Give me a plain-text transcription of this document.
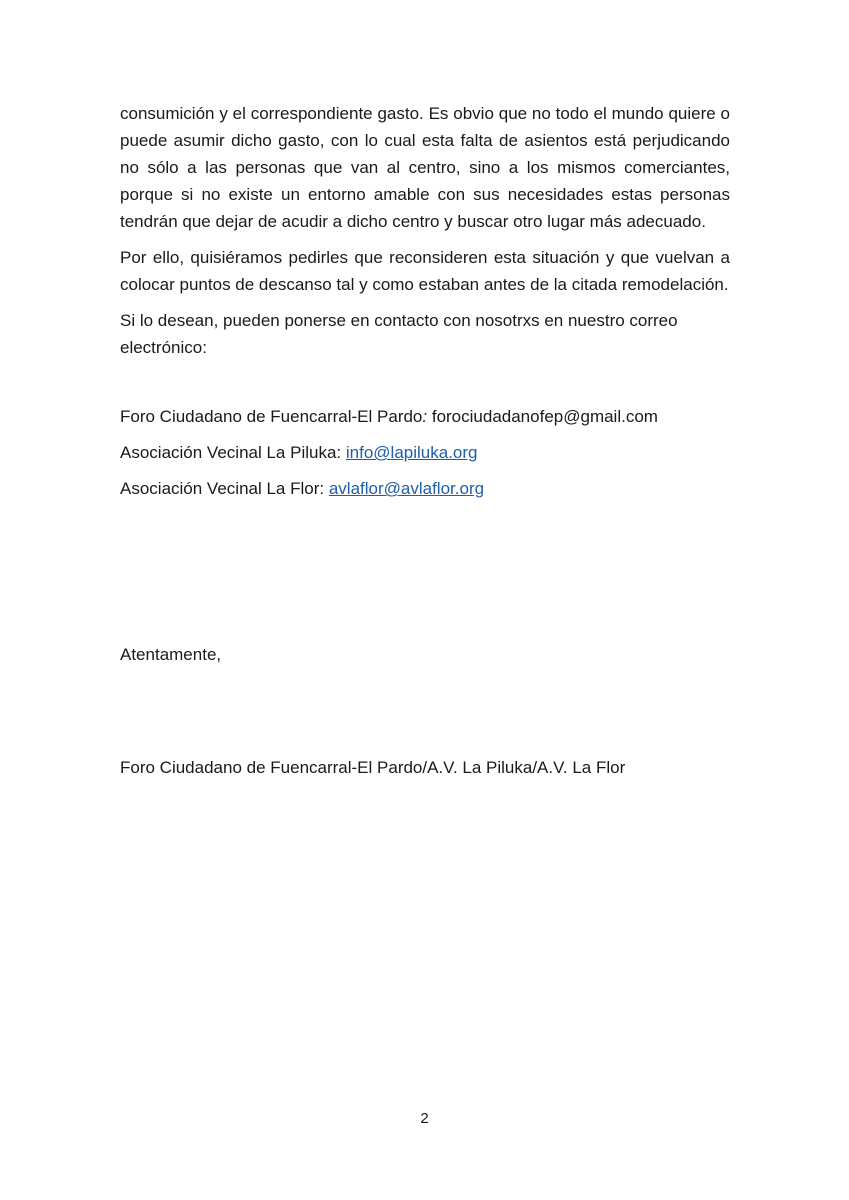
consumición y el correspondiente gasto. Es obvio que no todo el mundo quiere o puede asumir dicho gasto, con lo cual esta falta de asientos está perjudicando no sólo a las personas que van al centro, sino a los mismos comerciantes, porque si no existe un entorno amable con sus necesidades estas personas tendrán que dejar de acudir a dicho centro y buscar otro lugar más adecuado.

Por ello, quisiéramos pedirles que reconsideren esta situación y que vuelvan a colocar puntos de descanso tal y como estaban antes de la citada remodelación.

Si lo desean, pueden ponerse en contacto con nosotrxs en nuestro correo electrónico:

Foro Ciudadano de Fuencarral-El Pardo: forociudadanofep@gmail.com

Asociación Vecinal La Piluka: info@lapiluka.org

Asociación Vecinal La Flor: avlaflor@avlaflor.org

Atentamente,

Foro Ciudadano de Fuencarral-El Pardo/A.V. La Piluka/A.V. La Flor

2
